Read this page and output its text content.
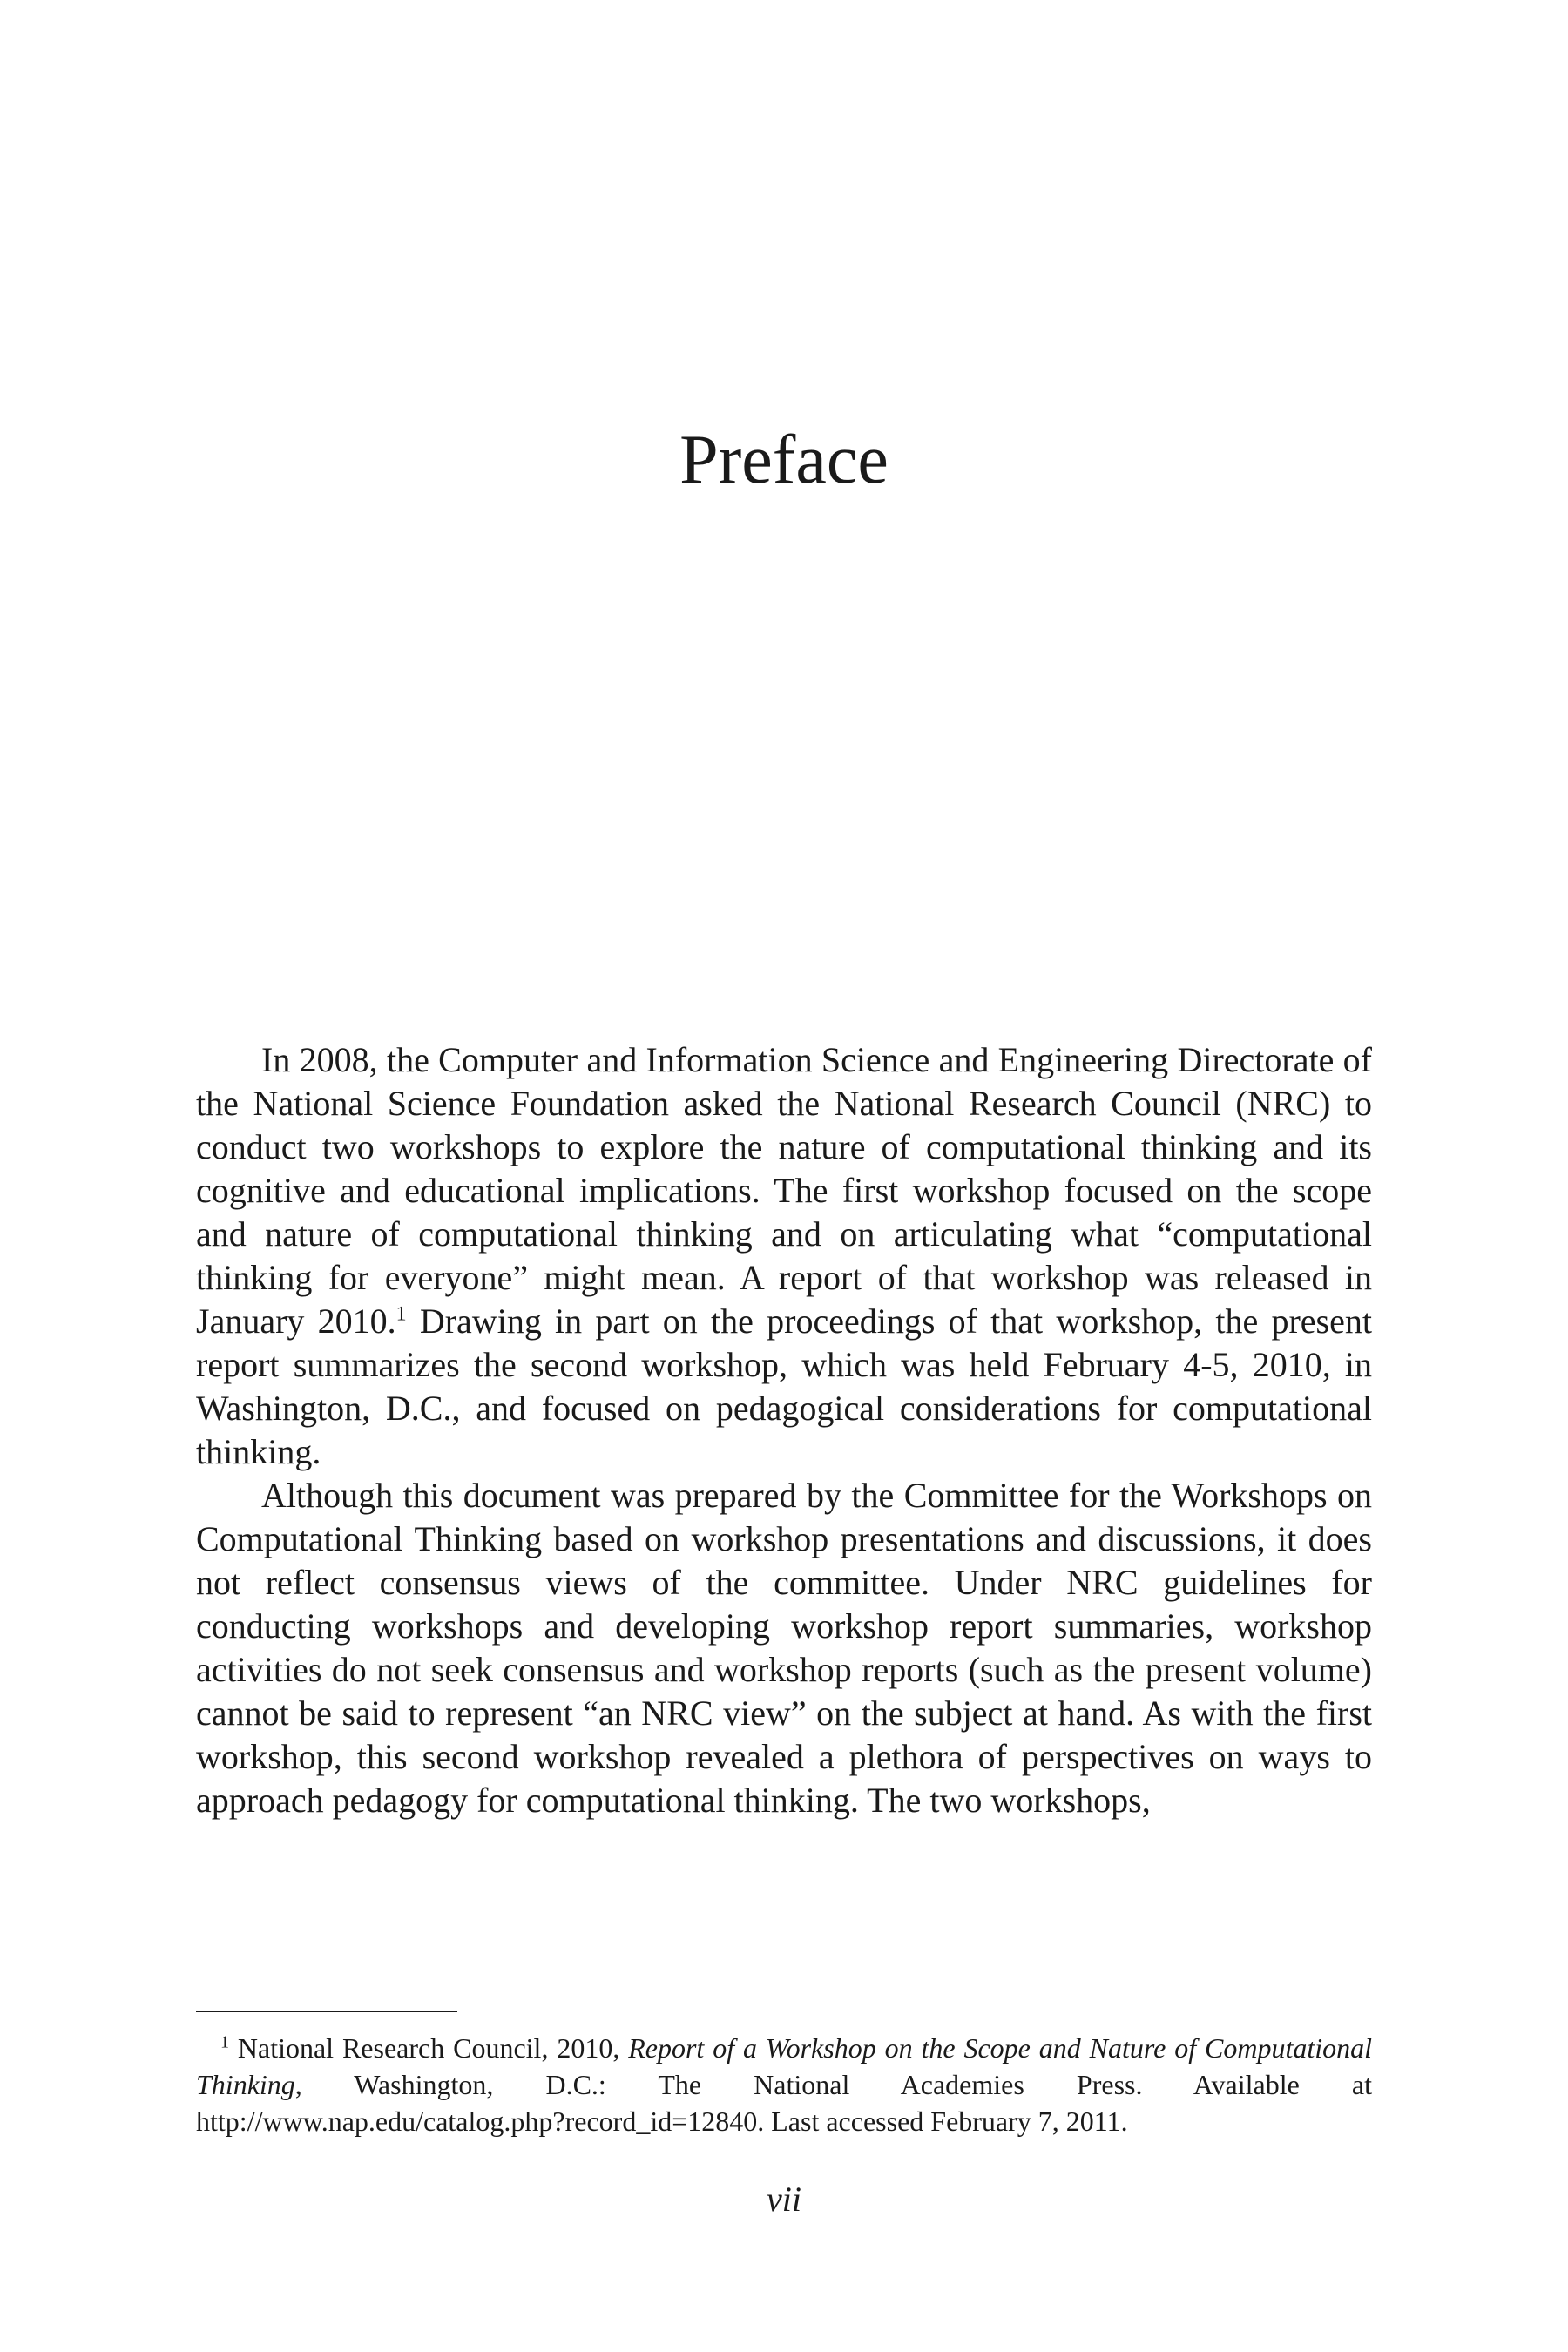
Preface

In 2008, the Computer and Information Science and Engineering Directorate of the National Science Foundation asked the National Research Council (NRC) to conduct two workshops to explore the nature of computational thinking and its cognitive and educational implications. The first workshop focused on the scope and nature of computational thinking and on articulating what “computational thinking for everyone” might mean. A report of that workshop was released in January 2010.$^1$ Drawing in part on the proceedings of that workshop, the present report summarizes the second workshop, which was held February 4-5, 2010, in Washington, D.C., and focused on pedagogical considerations for computational thinking.

Although this document was prepared by the Committee for the Workshops on Computational Thinking based on workshop presentations and discussions, it does not reflect consensus views of the committee. Under NRC guidelines for conducting workshops and developing workshop report summaries, workshop activities do not seek consensus and workshop reports (such as the present volume) cannot be said to represent “an NRC view” on the subject at hand. As with the first workshop, this second workshop revealed a plethora of perspectives on ways to approach pedagogy for computational thinking. The two workshops,

$^1$ National Research Council, 2010, Report of a Workshop on the Scope and Nature of Computational Thinking, Washington, D.C.: The National Academies Press. Available at http://www.nap.edu/catalog.php?record_id=12840. Last accessed February 7, 2011.

vii
